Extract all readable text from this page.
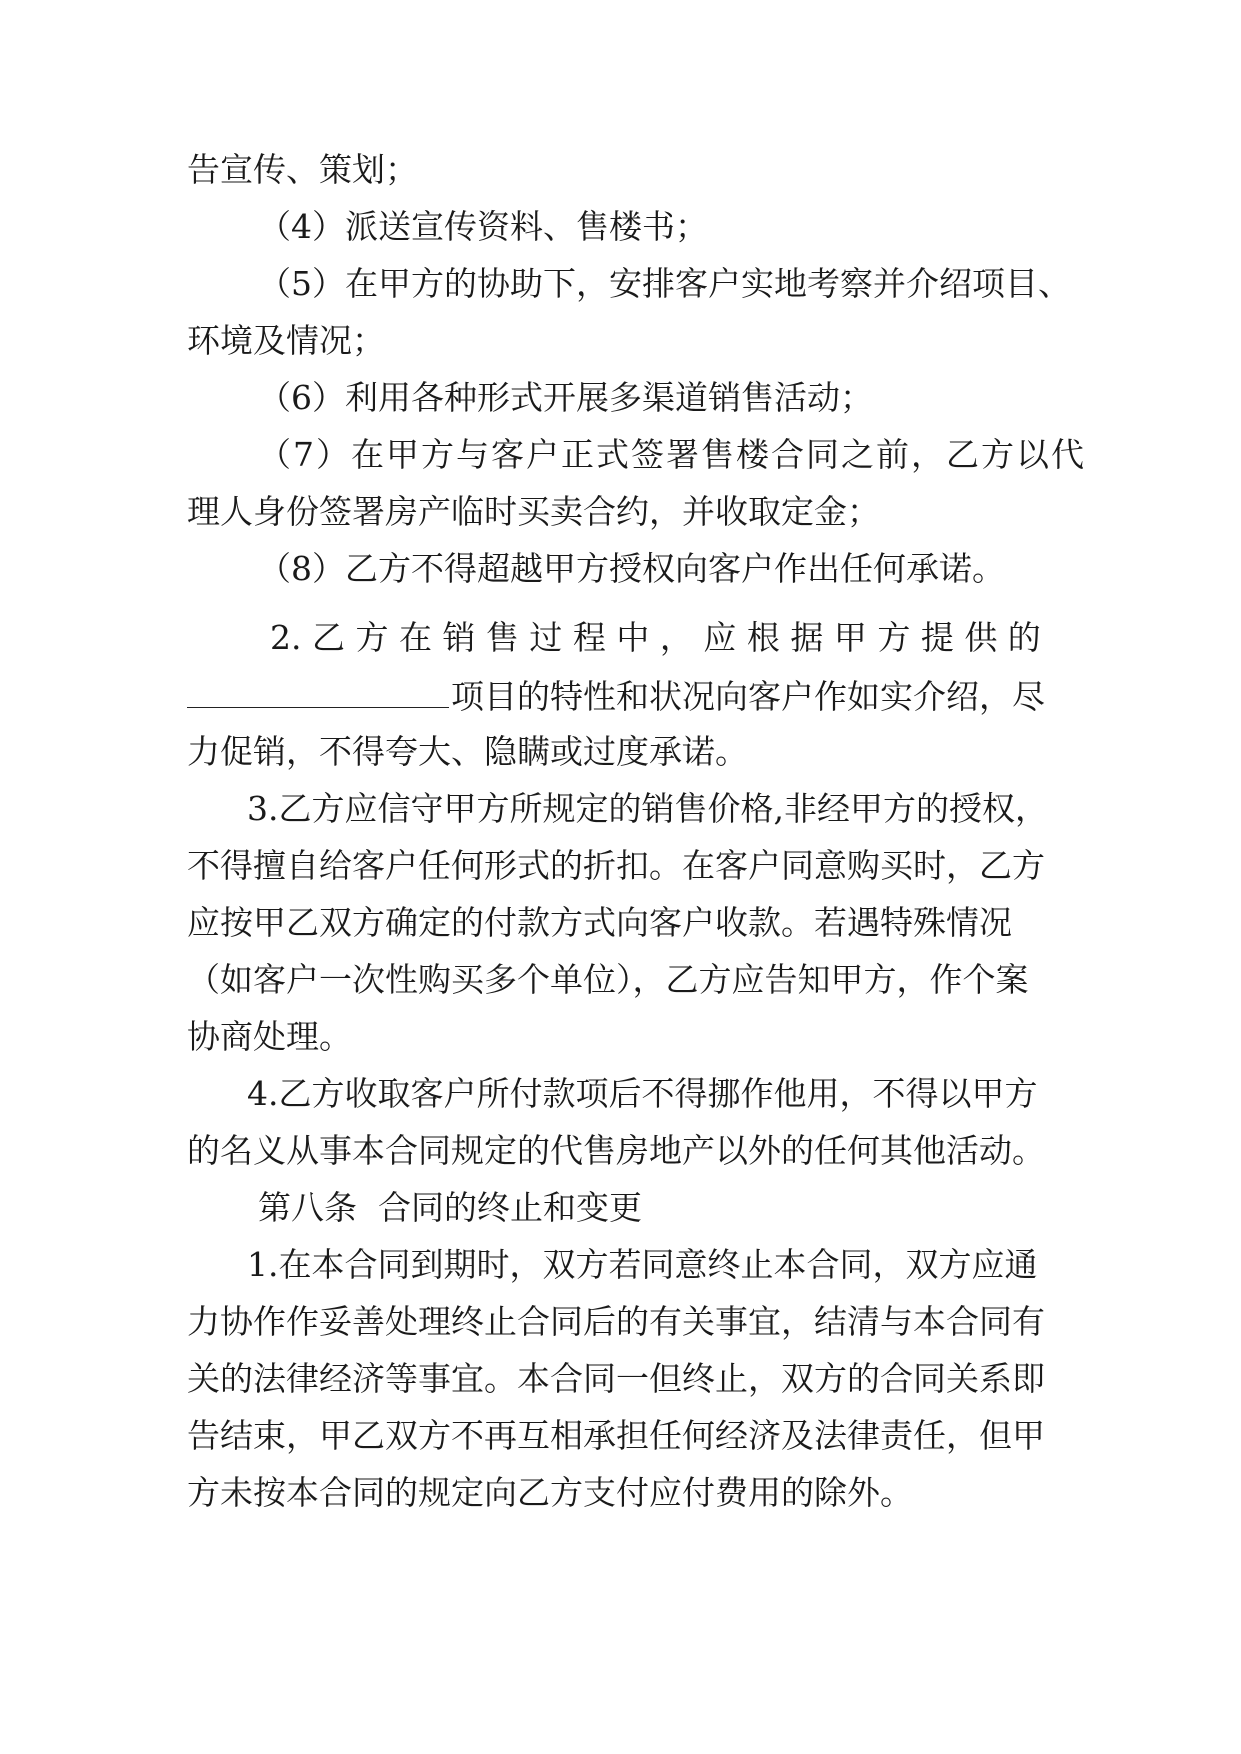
告宣传、策划；
（4）派送宣传资料、售楼书；
（5）在甲方的协助下，安排客户实地考察并介绍项目、
环境及情况；
（6）利用各种形式开展多渠道销售活动；
（7）在甲方与客户正式签署售楼合同之前，乙方以代
理人身份签署房产临时买卖合约，并收取定金；
（8）乙方不得超越甲方授权向客户作出任何承诺。
2. 乙 方 在 销 售 过 程 中 ， 应 根 据 甲 方 提 供 的
项目的特性和状况向客户作如实介绍，尽
力促销，不得夸大、隐瞒或过度承诺。
3.乙方应信守甲方所规定的销售价格,非经甲方的授权，
不得擅自给客户任何形式的折扣。在客户同意购买时，乙方
应按甲乙双方确定的付款方式向客户收款。若遇特殊情况
（如客户一次性购买多个单位），乙方应告知甲方，作个案
协商处理。
4.乙方收取客户所付款项后不得挪作他用，不得以甲方
的名义从事本合同规定的代售房地产以外的任何其他活动。
第八条  合同的终止和变更
1.在本合同到期时，双方若同意终止本合同，双方应通
力协作作妥善处理终止合同后的有关事宜，结清与本合同有
关的法律经济等事宜。本合同一但终止，双方的合同关系即
告结束，甲乙双方不再互相承担任何经济及法律责任，但甲
方未按本合同的规定向乙方支付应付费用的除外。
